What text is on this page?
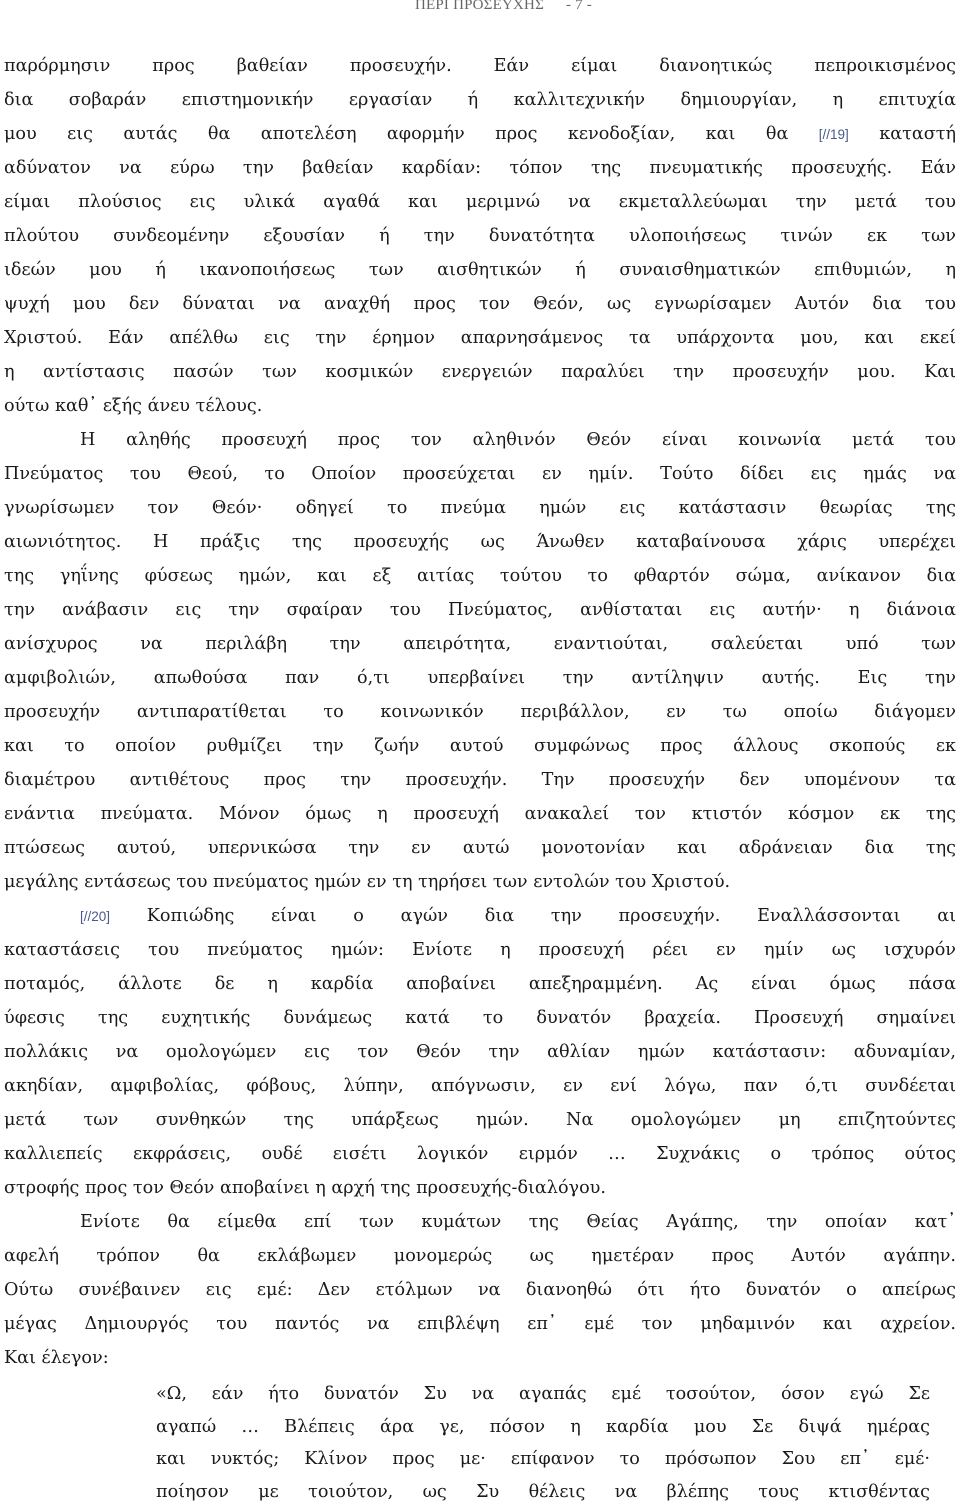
ΠΕΡΙ ΠΡΟΣΕΥΧΗΣ - 7 -
παρόρμησιν προς βαθείαν προσευχήν. Εάν είμαι διανοητικώς πεπροικισμένος
δια σοβαράν επιστημονικήν εργασίαν ή καλλιτεχνικήν δημιουργίαν, η επιτυχία
μου εις αυτάς θα αποτελέση αφορμήν προς κενοδοξίαν, και θα [//19] καταστή
αδύνατον να εύρω την βαθείαν καρδίαν: τόπον της πνευματικής προσευχής. Εάν
είμαι πλούσιος εις υλικά αγαθά και μεριμνώ να εκμεταλλεύωμαι την μετά του
πλούτου συνδεομένην εξουσίαν ή την δυνατότητα υλοποιήσεως τινών εκ των
ιδεών μου ή ικανοποιήσεως των αισθητικών ή συναισθηματικών επιθυμιών, η
ψυχή μου δεν δύναται να αναχθή προς τον Θεόν, ως εγνωρίσαμεν Αυτόν δια του
Χριστού. Εάν απέλθω εις την έρημον απαρνησάμενος τα υπάρχοντα μου, και εκεί
η αντίστασις πασών των κοσμικών ενεργειών παραλύει την προσευχήν μου. Και
ούτω καθ᾽ εξής άνευ τέλους.
Η αληθής προσευχή προς τον αληθινόν Θεόν είναι κοινωνία μετά του
Πνεύματος του Θεού, το Οποίον προσεύχεται εν ημίν. Τούτο δίδει εις ημάς να
γνωρίσωμεν τον Θεόν· οδηγεί το πνεύμα ημών εις κατάστασιν θεωρίας της
αιωνιότητος. Η πράξις της προσευχής ως Άνωθεν καταβαίνουσα χάρις υπερέχει
της γηΐνης φύσεως ημών, και εξ αιτίας τούτου το φθαρτόν σώμα, ανίκανον δια
την ανάβασιν εις την σφαίραν του Πνεύματος, ανθίσταται εις αυτήν· η διάνοια
ανίσχυρος να περιλάβη την απειρότητα, εναντιούται, σαλεύεται υπό των
αμφιβολιών, απωθούσα παν ό,τι υπερβαίνει την αντίληψιν αυτής. Εις την
προσευχήν αντιπαρατίθεται το κοινωνικόν περιβάλλον, εν τω οποίω διάγομεν
και το οποίον ρυθμίζει την ζωήν αυτού συμφώνως προς άλλους σκοπούς εκ
διαμέτρου αντιθέτους προς την προσευχήν. Την προσευχήν δεν υπομένουν τα
ενάντια πνεύματα. Μόνον όμως η προσευχή ανακαλεί τον κτιστόν κόσμον εκ της
πτώσεως αυτού, υπερνικώσα την εν αυτώ μονοτονίαν και αδράνειαν δια της
μεγάλης εντάσεως του πνεύματος ημών εν τη τηρήσει των εντολών του Χριστού.
[//20] Κοπιώδης είναι ο αγών δια την προσευχήν. Εναλλάσσονται αι
καταστάσεις του πνεύματος ημών: Ενίοτε η προσευχή ρέει εν ημίν ως ισχυρόν
ποταμός, άλλοτε δε η καρδία αποβαίνει απεξηραμμένη. Ας είναι όμως πάσα
ύφεσις της ευχητικής δυνάμεως κατά το δυνατόν βραχεία. Προσευχή σημαίνει
πολλάκις να ομολογώμεν εις τον Θεόν την αθλίαν ημών κατάστασιν: αδυναμίαν,
ακηδίαν, αμφιβολίας, φόβους, λύπην, απόγνωσιν, εν ενί λόγω, παν ό,τι συνδέεται
μετά των συνθηκών της υπάρξεως ημών. Να ομολογώμεν μη επιζητούντες
καλλιεπείς εκφράσεις, ουδέ εισέτι λογικόν ειρμόν … Συχνάκις ο τρόπος ούτος
στροφής προς τον Θεόν αποβαίνει η αρχή της προσευχής-διαλόγου.
Ενίοτε θα είμεθα επί των κυμάτων της Θείας Αγάπης, την οποίαν κατ᾽
αφελή τρόπον θα εκλάβωμεν μονομερώς ως ημετέραν προς Αυτόν αγάπην.
Ούτω συνέβαινεν εις εμέ: Δεν ετόλμων να διανοηθώ ότι ήτο δυνατόν ο απείρως
μέγας Δημιουργός του παντός να επιβλέψη επ᾽ εμέ τον μηδαμινόν και αχρείον.
Και έλεγον:
«Ω, εάν ήτο δυνατόν Συ να αγαπάς εμέ τοσούτον, όσον εγώ Σε
αγαπώ … Βλέπεις άρα γε, πόσον η καρδία μου Σε διψά ημέρας
και νυκτός; Κλίνον προς με· επίφανον το πρόσωπον Σου επ᾽ εμέ·
ποίησον με τοιούτον, ως Συ θέλεις να βλέπης τους κτισθέντας
